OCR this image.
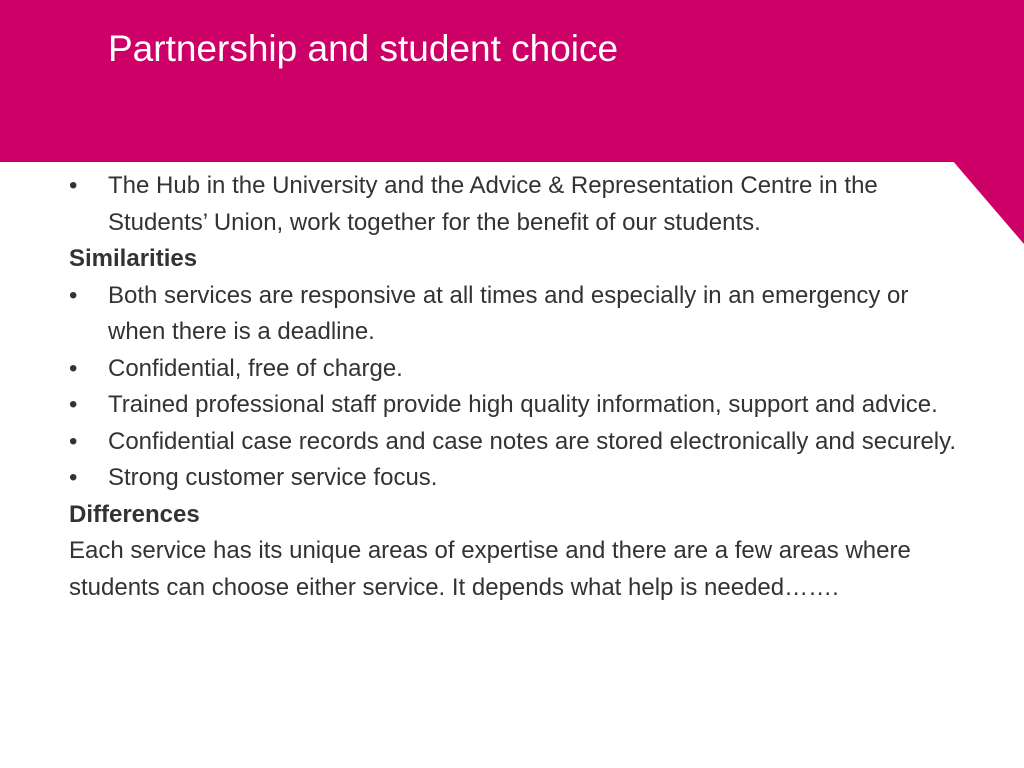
Partnership and student choice
•	The Hub in the University and the Advice & Representation Centre in the Students’ Union, work together for the benefit of our students.
Similarities
•	Both services are responsive at all times and especially in an emergency or when there is a deadline.
•	Confidential, free of charge.
•	Trained professional staff provide high quality information, support and advice.
•	Confidential case records and case notes are stored electronically and securely.
•	Strong customer service focus.
Differences

Each service has its unique areas of expertise and there are a few areas where students can choose either service. It depends what help is needed…….
